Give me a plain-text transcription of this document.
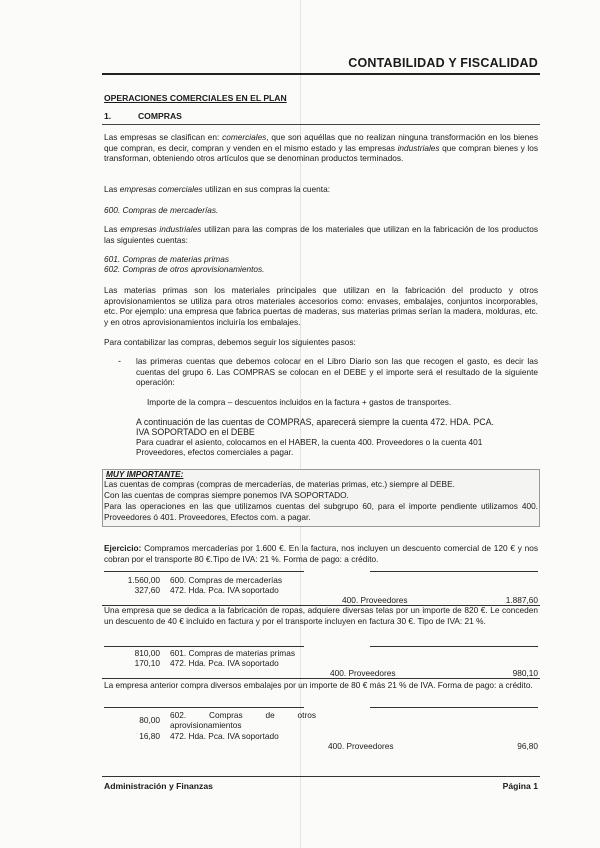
CONTABILIDAD Y FISCALIDAD
OPERACIONES COMERCIALES EN EL PLAN
1.	COMPRAS
Las empresas se clasifican en: comerciales, que son aquéllas que no realizan ninguna transformación en los bienes que compran, es decir, compran y venden en el mismo estado y las empresas industriales que compran bienes y los transforman, obteniendo otros artículos que se denominan productos terminados.
Las empresas comerciales utilizan en sus compras la cuenta:
600. Compras de mercaderías.
Las empresas industriales utilizan para las compras de los materiales que utilizan en la fabricación de los productos las siguientes cuentas:
601. Compras de materias primas
602. Compras de otros aprovisionamientos.
Las materias primas son los materiales principales que utilizan en la fabricación del producto y otros aprovisionamientos se utiliza para otros materiales accesorios como: envases, embalajes, conjuntos incorporables, etc. Por ejemplo: una empresa que fabrica puertas de maderas, sus materias primas serían la madera, molduras, etc. y en otros aprovisionamientos incluiría los embalajes.
Para contabilizar las compras, debemos seguir los siguientes pasos:
- las primeras cuentas que debemos colocar en el Libro Diario son las que recogen el gasto, es decir las cuentas del grupo 6. Las COMPRAS se colocan en el DEBE y el importe será el resultado de la siguiente operación:
Importe de la compra – descuentos incluidos en la factura + gastos de transportes.
A continuación de las cuentas de COMPRAS, aparecerá siempre la cuenta 472. HDA. PCA.
IVA SOPORTADO en el DEBE
Para cuadrar el asiento, colocamos en el HABER, la cuenta 400. Proveedores o la cuenta 401
Proveedores, efectos comerciales a pagar.
MUY IMPORTANTE:
Las cuentas de compras (compras de mercaderías, de materias primas, etc.) siempre al DEBE.
Con las cuentas de compras siempre ponemos IVA SOPORTADO.
Para las operaciones en las que utilizamos cuentas del subgrupo 60, para el importe pendiente utilizamos 400. Proveedores ó 401. Proveedores, Efectos com. a pagar.
Ejercicio: Compramos mercaderías por 1.600 €. En la factura, nos incluyen un descuento comercial de 120 € y nos cobran por el transporte 80 €.Tipo de IVA: 21 %. Forma de pago: a crédito.
1.560,00 600. Compras de mercaderías
327,60 472. Hda. Pca. IVA soportado
400. Proveedores	1.887,60
Una empresa que se dedica a la fabricación de ropas, adquiere diversas telas por un importe de 820 €. Le conceden un descuento de 40 € incluido en factura y por el transporte incluyen en factura 30 €. Tipo de IVA: 21 %.
810,00 601. Compras de materias primas
170,10 472. Hda. Pca. IVA soportado
400. Proveedores	980,10
La empresa anterior compra diversos embalajes por un importe de 80 € más 21 % de IVA. Forma de pago: a crédito.
80,00 602.	Compras	de	otros
aprovisionamientos
16,80 472. Hda. Pca. IVA soportado
400. Proveedores	96,80
Administración y Finanzas	Página 1
